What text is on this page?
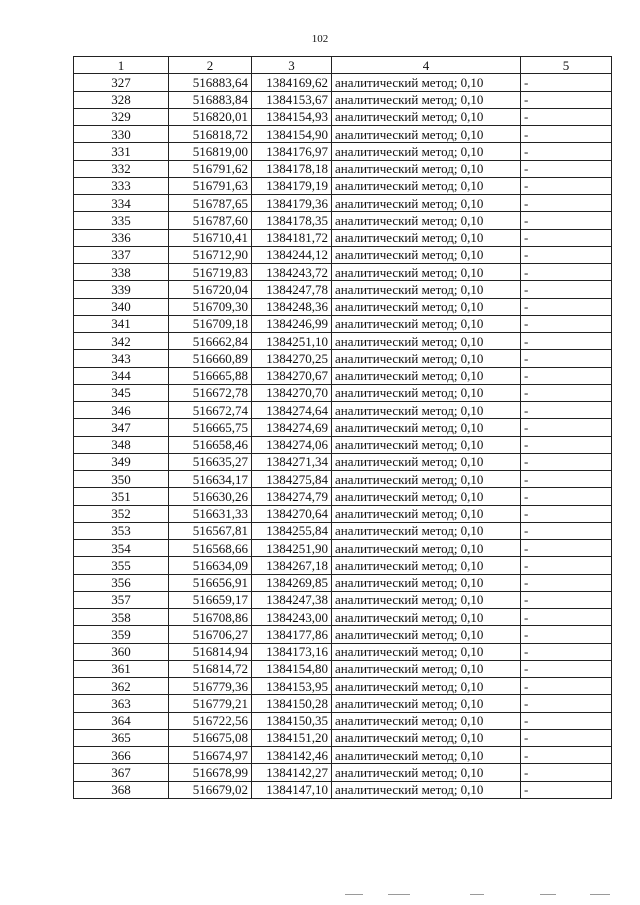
102
1	2	3	4	5
327	516883,64	1384169,62	аналитический метод; 0,10	-
328	516883,84	1384153,67	аналитический метод; 0,10	-
329	516820,01	1384154,93	аналитический метод; 0,10	-
330	516818,72	1384154,90	аналитический метод; 0,10	-
331	516819,00	1384176,97	аналитический метод; 0,10	-
332	516791,62	1384178,18	аналитический метод; 0,10	-
333	516791,63	1384179,19	аналитический метод; 0,10	-
334	516787,65	1384179,36	аналитический метод; 0,10	-
335	516787,60	1384178,35	аналитический метод; 0,10	-
336	516710,41	1384181,72	аналитический метод; 0,10	-
337	516712,90	1384244,12	аналитический метод; 0,10	-
338	516719,83	1384243,72	аналитический метод; 0,10	-
339	516720,04	1384247,78	аналитический метод; 0,10	-
340	516709,30	1384248,36	аналитический метод; 0,10	-
341	516709,18	1384246,99	аналитический метод; 0,10	-
342	516662,84	1384251,10	аналитический метод; 0,10	-
343	516660,89	1384270,25	аналитический метод; 0,10	-
344	516665,88	1384270,67	аналитический метод; 0,10	-
345	516672,78	1384270,70	аналитический метод; 0,10	-
346	516672,74	1384274,64	аналитический метод; 0,10	-
347	516665,75	1384274,69	аналитический метод; 0,10	-
348	516658,46	1384274,06	аналитический метод; 0,10	-
349	516635,27	1384271,34	аналитический метод; 0,10	-
350	516634,17	1384275,84	аналитический метод; 0,10	-
351	516630,26	1384274,79	аналитический метод; 0,10	-
352	516631,33	1384270,64	аналитический метод; 0,10	-
353	516567,81	1384255,84	аналитический метод; 0,10	-
354	516568,66	1384251,90	аналитический метод; 0,10	-
355	516634,09	1384267,18	аналитический метод; 0,10	-
356	516656,91	1384269,85	аналитический метод; 0,10	-
357	516659,17	1384247,38	аналитический метод; 0,10	-
358	516708,86	1384243,00	аналитический метод; 0,10	-
359	516706,27	1384177,86	аналитический метод; 0,10	-
360	516814,94	1384173,16	аналитический метод; 0,10	-
361	516814,72	1384154,80	аналитический метод; 0,10	-
362	516779,36	1384153,95	аналитический метод; 0,10	-
363	516779,21	1384150,28	аналитический метод; 0,10	-
364	516722,56	1384150,35	аналитический метод; 0,10	-
365	516675,08	1384151,20	аналитический метод; 0,10	-
366	516674,97	1384142,46	аналитический метод; 0,10	-
367	516678,99	1384142,27	аналитический метод; 0,10	-
368	516679,02	1384147,10	аналитический метод; 0,10	-
